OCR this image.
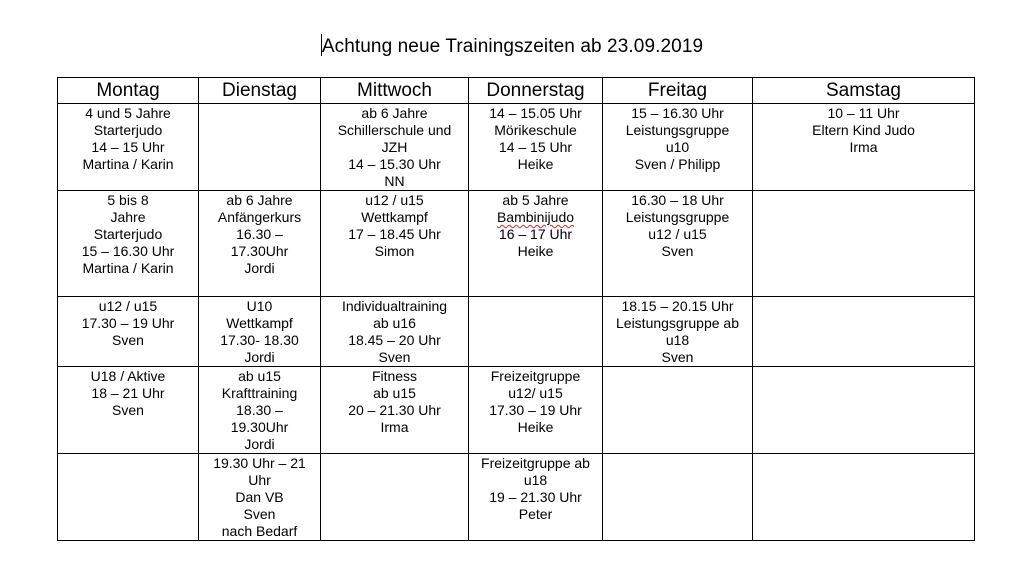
Achtung neue Trainingszeiten ab 23.09.2019
Montag	Dienstag	Mittwoch	Donnerstag	Freitag	Samstag

4 und 5 Jahre
Starterjudo
14 – 15 Uhr
Martina / Karin		ab 6 Jahre
Schillerschule und
JZH
14 – 15.30 Uhr
NN	14 – 15.05 Uhr
Mörikeschule
14 – 15 Uhr
Heike	15 – 16.30 Uhr
Leistungsgruppe
u10
Sven / Philipp	10 – 11 Uhr
Eltern Kind Judo
Irma

5 bis 8
Jahre
Starterjudo
15 – 16.30 Uhr
Martina / Karin	ab 6 Jahre
Anfängerkurs
16.30 –
17.30Uhr
Jordi	u12 / u15
Wettkampf
17 – 18.45 Uhr
Simon	ab 5 Jahre
Bambinijudo
16 – 17 Uhr
Heike	16.30 – 18 Uhr
Leistungsgruppe
u12 / u15
Sven	

u12 / u15
17.30 – 19 Uhr
Sven	U10
Wettkampf
17.30- 18.30
Jordi	Individualtraining
ab u16
18.45 – 20 Uhr
Sven		18.15 – 20.15 Uhr
Leistungsgruppe ab
u18
Sven	

U18 / Aktive
18 – 21 Uhr
Sven	ab u15
Krafttraining
18.30 –
19.30Uhr
Jordi	Fitness
ab u15
20 – 21.30 Uhr
Irma	Freizeitgruppe
u12/ u15
17.30 – 19 Uhr
Heike		

	19.30 Uhr – 21
Uhr
Dan VB
Sven
nach Bedarf		Freizeitgruppe ab
u18
19 – 21.30 Uhr
Peter		
